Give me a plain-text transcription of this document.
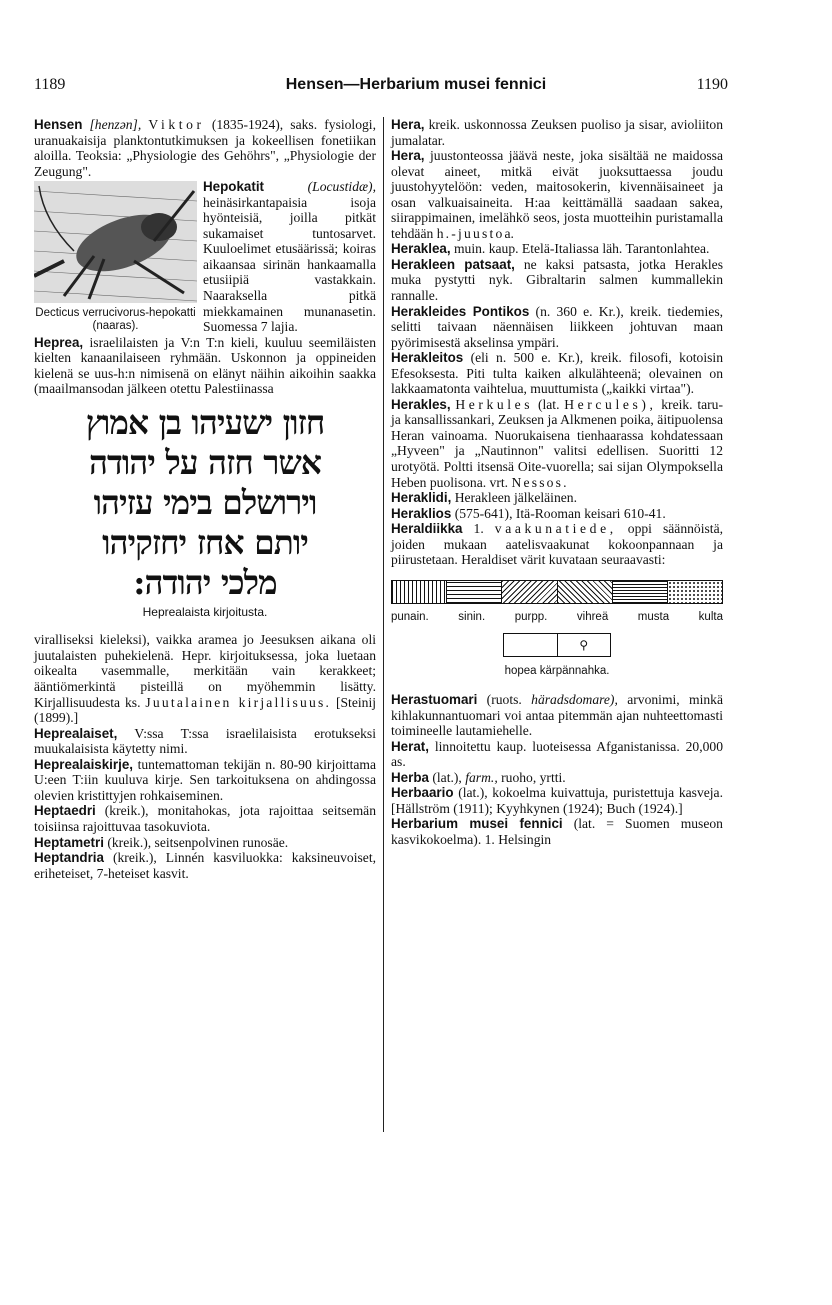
1189	Hensen—Herbarium musei fennici	1190

Hensen [henzən], Viktor (1835-1924), saks. fysiologi, uranuakaisija planktontutkimuksen ja kokeellisen fonetiikan aloilla. Teoksia: „Physiologie des Gehöhrs", „Physiologie der Zeugung".

Hepokatit	(Locustidæ),
Decticus verrucivorus-hepokatti (naaras).
heinäsirkantapaisia isoja hyönteisiä, joilla pitkät sukamaiset tuntosarvet. Kuuloelimet etusäärissä; koiras aikaansaa sirinän hankaamalla etusiipiä vastakkain. Naaraksella pitkä miekkamainen munanasetin. Suomessa 7 lajia.

Heprea, israelilaisten ja V:n T:n kieli, kuuluu seemiläisten kielten kanaanilaiseen ryhmään. Uskonnon ja oppineiden kielenä se uus-h:n nimisenä on elänyt näihin aikoihin saakka (maailmansodan jälkeen otettu Palestiinassa

חזון ישעיהו בן אמוץ
אשר חזה על יהודה
וירושלם בימי עזיהו
יותם אחז יחזקיהו
מלכי יהודה:
Heprealaista kirjoitusta.

viralliseksi kieleksi), vaikka aramea jo Jeesuksen aikana oli juutalaisten puhekielenä. Hepr. kirjoituksessa, joka luetaan oikealta vasemmalle, merkitään vain kerakkeet; ääntiömerkintä pisteillä on myöhemmin lisätty. Kirjallisuudesta ks. Juutalainen kirjallisuus. [Steinij (1899).]

Heprealaiset, V:ssa T:ssa israelilaisista erotukseksi muukalaisista käytetty nimi.

Heprealaiskirje, tuntemattoman tekijän n. 80-90 kirjoittama U:een T:iin kuuluva kirje. Sen tarkoituksena on ahdingossa olevien kristittyjen rohkaiseminen.

Heptaedri (kreik.), monitahokas, jota rajoittaa seitsemän toisiinsa rajoittuvaa tasokuviota.

Heptametri (kreik.), seitsenpolvinen runosäe.

Heptandria (kreik.), Linnén kasviluokka: kaksineuvoiset, eriheteiset, 7-heteiset kasvit.

Hera, kreik. uskonnossa Zeuksen puoliso ja sisar, avioliiton jumalatar.

Hera, juustonteossa jäävä neste, joka sisältää ne maidossa olevat aineet, mitkä eivät juoksuttaessa joudu juustohyytelöön: veden, maitosokerin, kivennäisaineet ja osan valkuaisaineita. H:aa keittämällä saadaan sakea, siirappimainen, imelähkö seos, josta muotteihin puristamalla tehdään h.-juustoa.

Heraklea, muin. kaup. Etelä-Italiassa läh. Tarantonlahtea.

Herakleen patsaat, ne kaksi patsasta, jotka Herakles muka pystytti nyk. Gibraltarin salmen kummallekin rannalle.

Herakleides Pontikos (n. 360 e. Kr.), kreik. tiedemies, selitti taivaan näennäisen liikkeen johtuvan maan pyörimisestä akselinsa ympäri.

Herakleitos (eli n. 500 e. Kr.), kreik. filosofi, kotoisin Efesoksesta. Piti tulta kaiken alkulähteenä; olevainen on lakkaamatonta vaihtelua, muuttumista („kaikki virtaa").

Herakles, Herkules (lat. Hercules), kreik. taru- ja kansallissankari, Zeuksen ja Alkmenen poika, äitipuolensa Heran vainoama. Nuorukaisena tienhaarassa kohdatessaan „Hyveen" ja „Nautinnon" valitsi edellisen. Suoritti 12 urotyötä. Poltti itsensä Oite-vuorella; sai sijan Olympoksella Heben puolisona. vrt. Nessos.

Heraklidi, Herakleen jälkeläinen.

Heraklios (575-641), Itä-Rooman keisari 610-41.

Heraldiikka 1. vaakunatiede, oppi säännöistä, joiden mukaan aatelisvaakunat kokoonpannaan ja piirustetaan. Heraldiset värit kuvataan seuraavasti:

punain.	sinin.	purpp.	vihreä	musta	kulta
⚲
hopea kärpännahka.

Herastuomari (ruots. häradsdomare), arvonimi, minkä kihlakunnantuomari voi antaa pitemmän ajan nuhteettomasti toimineelle lautamiehelle.

Herat, linnoitettu kaup. luoteisessa Afganistanissa. 20,000 as.

Herba (lat.), farm., ruoho, yrtti.

Herbaario (lat.), kokoelma kuivattuja, puristettuja kasveja. [Hällström (1911); Kyyhkynen (1924); Buch (1924).]

Herbarium musei fennici (lat. = Suomen museon kasvikokoelma). 1. Helsingin
